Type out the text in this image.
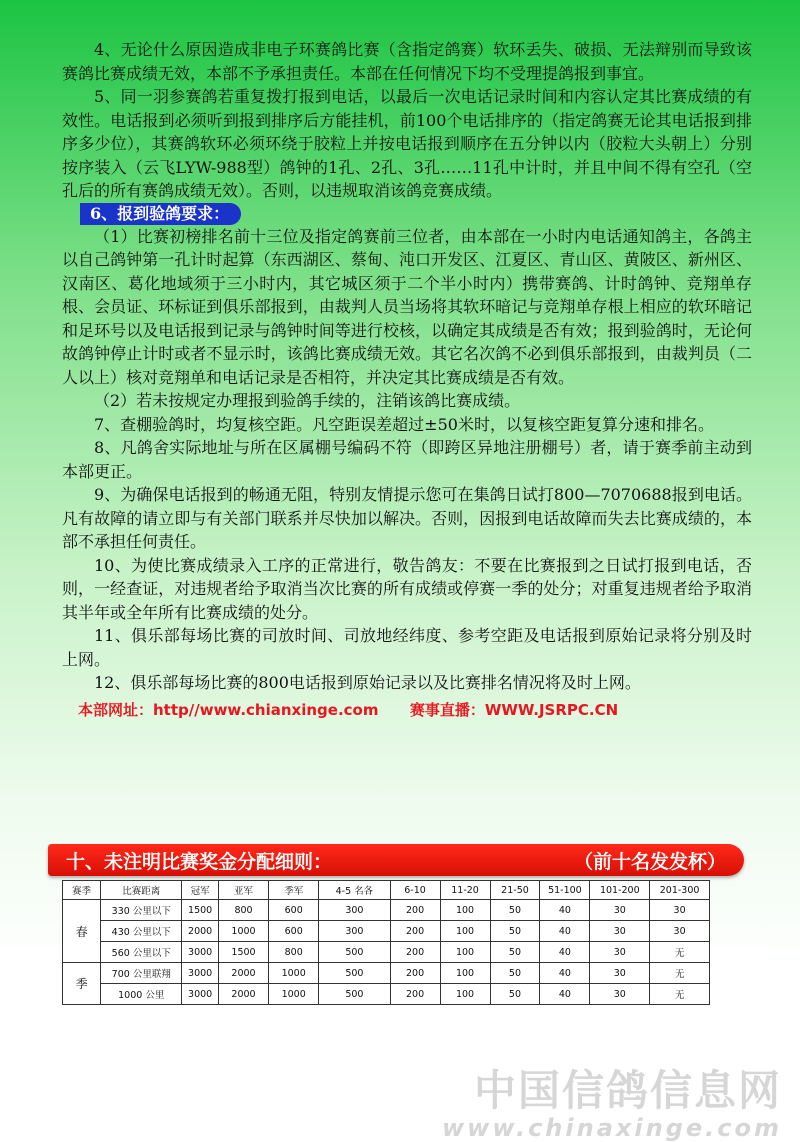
4、无论什么原因造成非电子环赛鸽比赛（含指定鸽赛）软环丢失、破损、无法辩别而导致该赛鸽比赛成绩无效，本部不予承担责任。本部在任何情况下均不受理提鸽报到事宜。

5、同一羽参赛鸽若重复拨打报到电话，以最后一次电话记录时间和内容认定其比赛成绩的有效性。电话报到必须听到报到排序后方能挂机，前100个电话排序的（指定鸽赛无论其电话报到排序多少位），其赛鸽软环必须环绕于胶粒上并按电话报到顺序在五分钟以内（胶粒大头朝上）分别按序装入（云飞LYW-988型）鸽钟的1孔、2孔、3孔……11孔中计时，并且中间不得有空孔（空孔后的所有赛鸽成绩无效）。否则，以违规取消该鸽竞赛成绩。

6、报到验鸽要求：

（1）比赛初榜排名前十三位及指定鸽赛前三位者，由本部在一小时内电话通知鸽主，各鸽主以自己鸽钟第一孔计时起算（东西湖区、蔡甸、沌口开发区、江夏区、青山区、黄陂区、新州区、汉南区、葛化地域须于三小时内，其它城区须于二个半小时内）携带赛鸽、计时鸽钟、竞翔单存根、会员证、环标证到俱乐部报到，由裁判人员当场将其软环暗记与竞翔单存根上相应的软环暗记和足环号以及电话报到记录与鸽钟时间等进行校核，以确定其成绩是否有效；报到验鸽时，无论何故鸽钟停止计时或者不显示时，该鸽比赛成绩无效。其它名次鸽不必到俱乐部报到，由裁判员（二人以上）核对竞翔单和电话记录是否相符，并决定其比赛成绩是否有效。

（2）若未按规定办理报到验鸽手续的，注销该鸽比赛成绩。

7、查棚验鸽时，均复核空距。凡空距误差超过±50米时，以复核空距复算分速和排名。

8、凡鸽舍实际地址与所在区属棚号编码不符（即跨区异地注册棚号）者，请于赛季前主动到本部更正。

9、为确保电话报到的畅通无阻，特别友情提示您可在集鸽日试打800—7070688报到电话。凡有故障的请立即与有关部门联系并尽快加以解决。否则，因报到电话故障而失去比赛成绩的，本部不承担任何责任。

10、为使比赛成绩录入工序的正常进行，敬告鸽友：不要在比赛报到之日试打报到电话，否则，一经查证，对违规者给予取消当次比赛的所有成绩或停赛一季的处分；对重复违规者给予取消其半年或全年所有比赛成绩的处分。

11、俱乐部每场比赛的司放时间、司放地经纬度、参考空距及电话报到原始记录将分别及时上网。

12、俱乐部每场比赛的800电话报到原始记录以及比赛排名情况将及时上网。

本部网址：http//www.chianxinge.com 赛事直播：WWW.JSRPC.CN
十、未注明比赛奖金分配细则：	（前十名发发杯）
赛季	比赛距离	冠军	亚军	季军	4-5 名各	6-10	11-20	21-50	51-100	101-200	201-300
春	330 公里以下	1500	800	600	300	200	100	50	40	30	30
	430 公里以下	2000	1000	600	300	200	100	50	40	30	30
	560 公里以下	3000	1500	800	500	200	100	50	40	30	无
季	700 公里联翔	3000	2000	1000	500	200	100	50	40	30	无
	1000 公里	3000	2000	1000	500	200	100	50	40	30	无
中国信鸽信息网
www.chinaxinge.com
